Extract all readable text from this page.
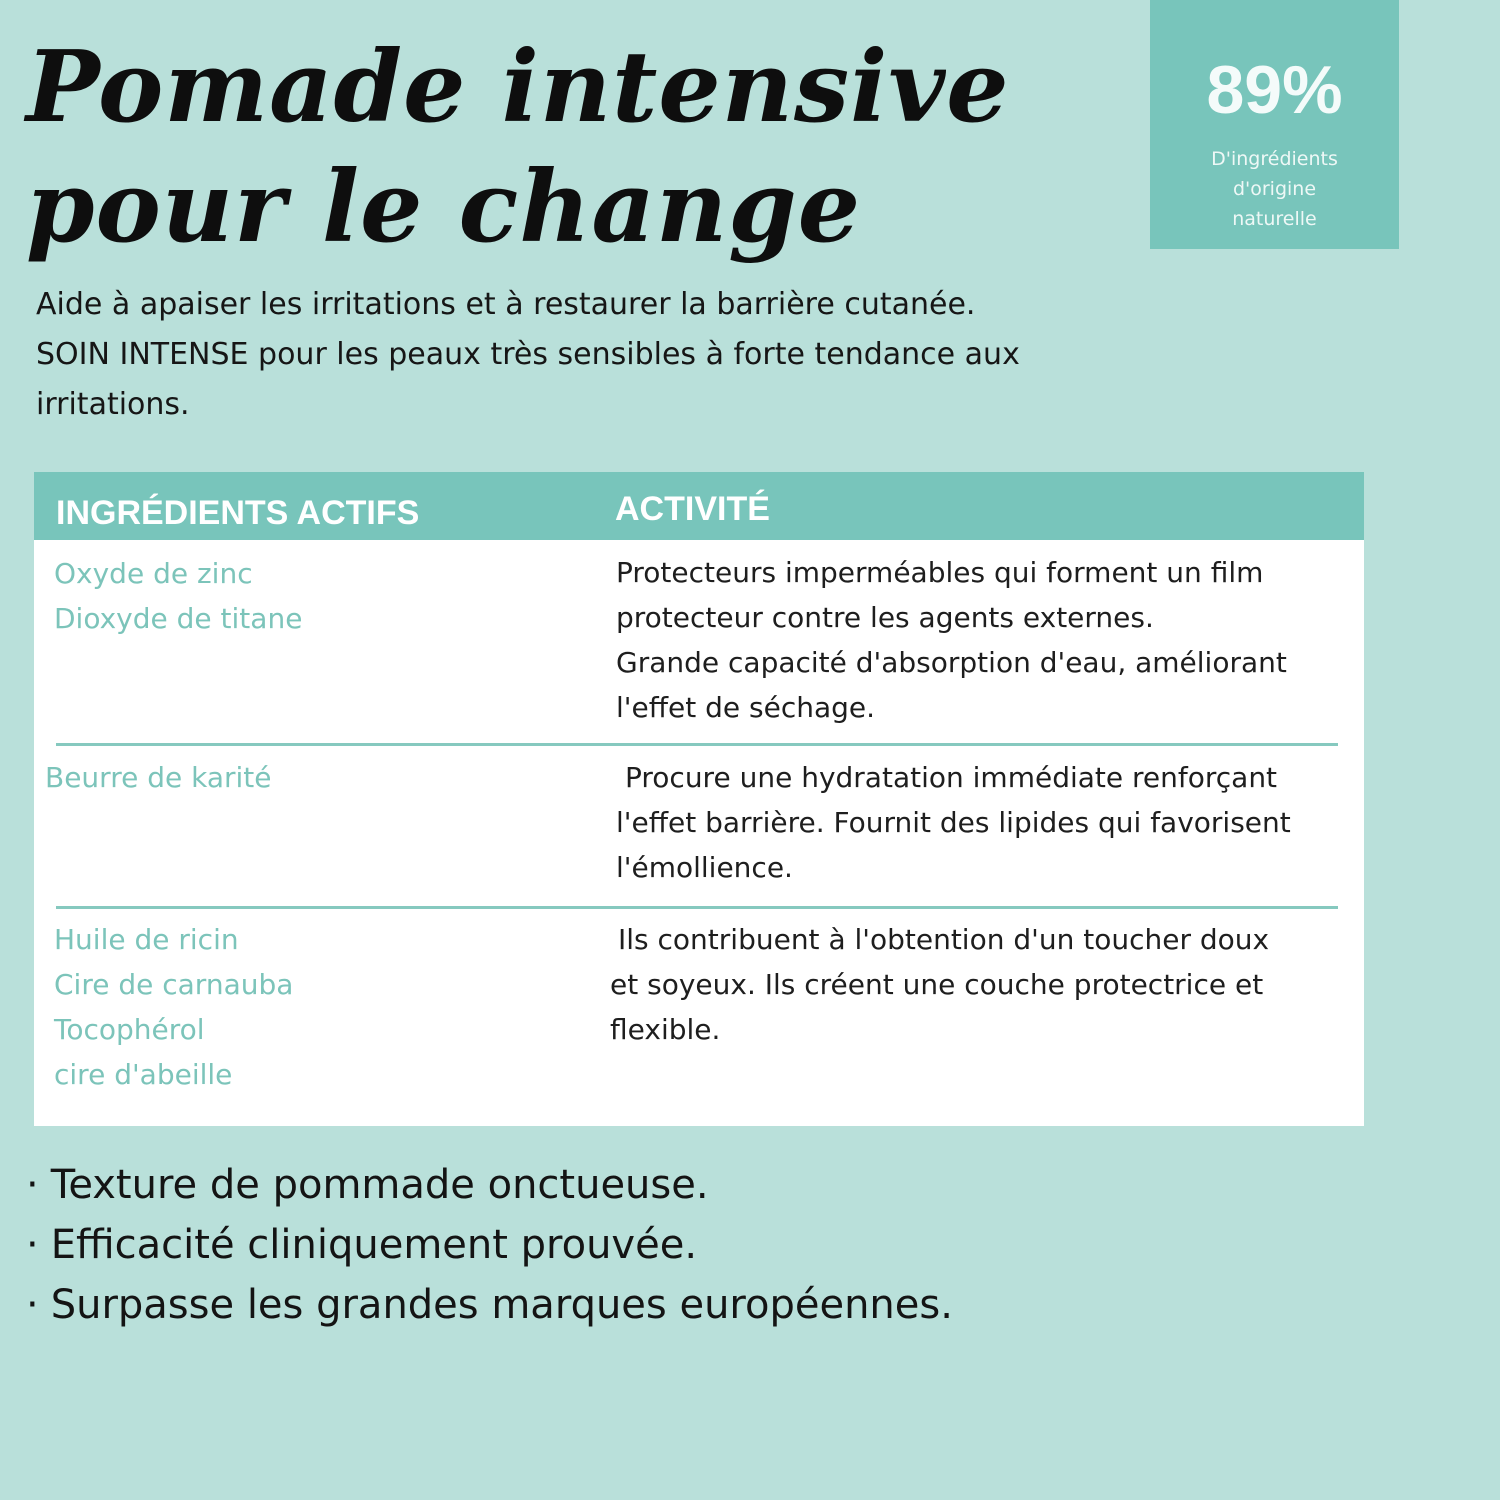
Pomade intensive
pour le change
89%
D'ingrédients
d'origine
naturelle
Aide à apaiser les irritations et à restaurer la barrière cutanée.
SOIN INTENSE pour les peaux très sensibles à forte tendance aux
irritations.
INGRÉDIENTS ACTIFS	ACTIVITÉ
Oxyde de zinc
Dioxyde de titane
Protecteurs imperméables qui forment un film
protecteur contre les agents externes.
Grande capacité d'absorption d'eau, améliorant
l'effet de séchage.
Beurre de karité	Procure une hydratation immédiate renforçant
l'effet barrière. Fournit des lipides qui favorisent
l'émollience.
Huile de ricin
Cire de carnauba
Tocophérol
cire d'abeille
Ils contribuent à l'obtention d'un toucher doux
et soyeux. Ils créent une couche protectrice et
flexible.
· Texture de pommade onctueuse.
· Efficacité cliniquement prouvée.
· Surpasse les grandes marques européennes.
